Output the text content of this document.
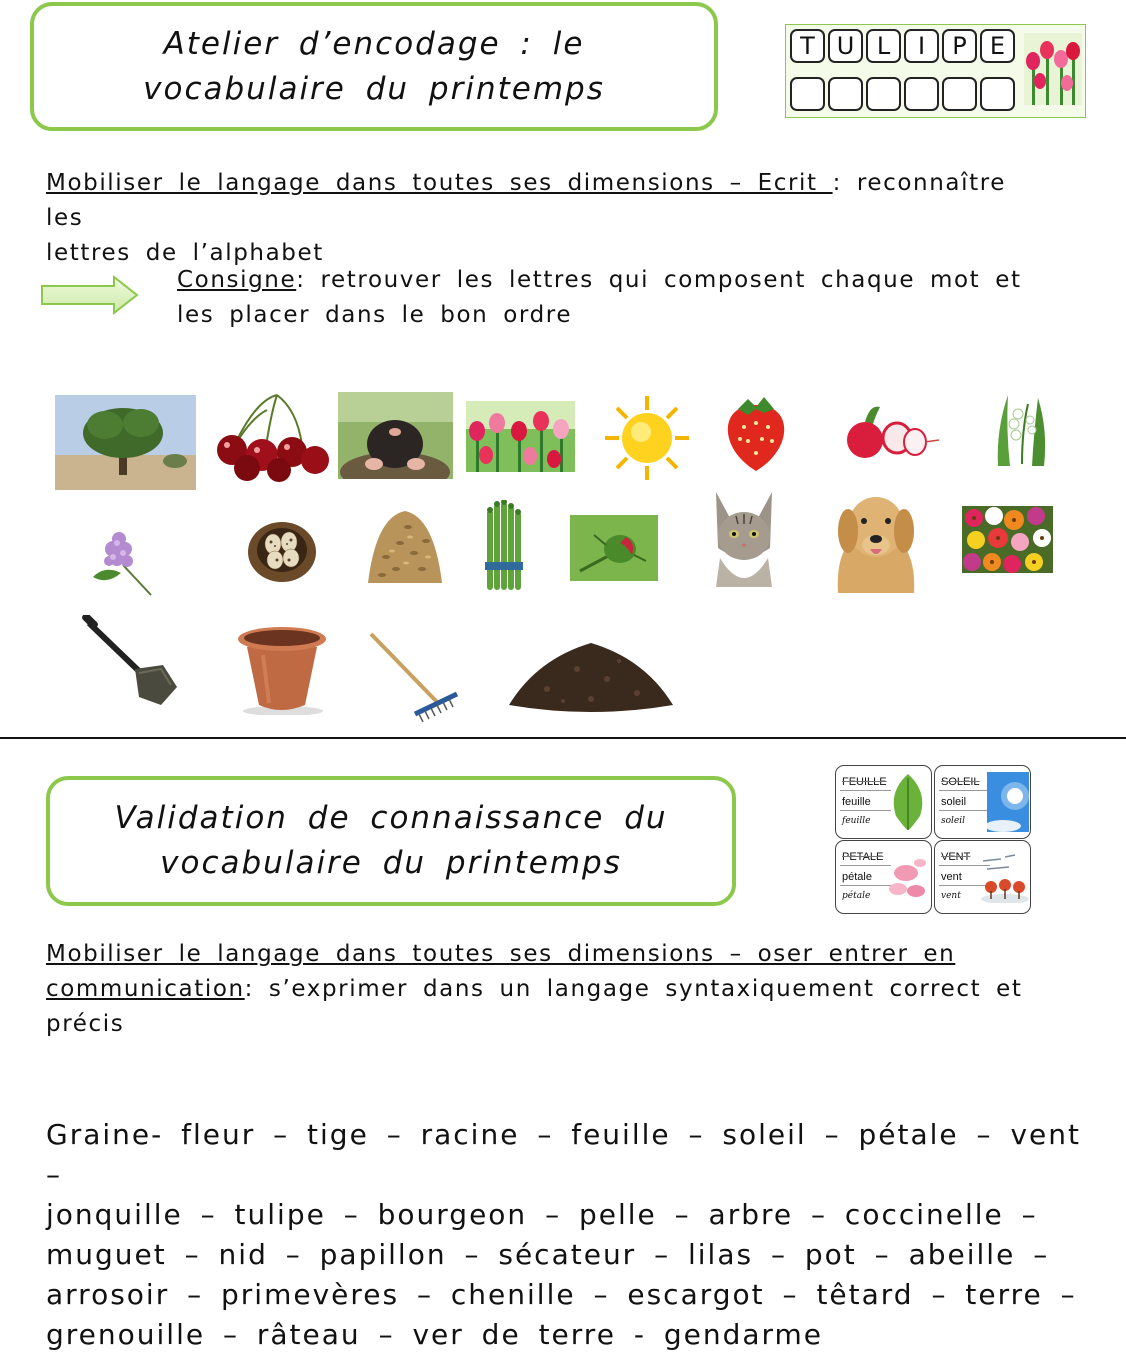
Atelier d’encodage : le
vocabulaire du printemps
T U L	I	P E
Mobiliser le langage dans toutes ses dimensions – Ecrit : reconnaître les
lettres de l’alphabet
Consigne: retrouver les lettres qui composent chaque mot et
les placer dans le bon ordre
Validation de connaissance du
vocabulaire du printemps
FEUILLE
feuille
feuille
SOLEIL
soleil
soleil
PETALE
pétale
pétale
VENT
vent
vent
Mobiliser le langage dans toutes ses dimensions – oser entrer en
communication: s’exprimer dans un langage syntaxiquement correct et
précis
Graine- fleur – tige – racine – feuille – soleil – pétale – vent –
jonquille – tulipe – bourgeon – pelle – arbre – coccinelle –
muguet – nid – papillon – sécateur – lilas – pot – abeille –
arrosoir – primevères – chenille – escargot – têtard – terre –
grenouille – râteau – ver de terre - gendarme
